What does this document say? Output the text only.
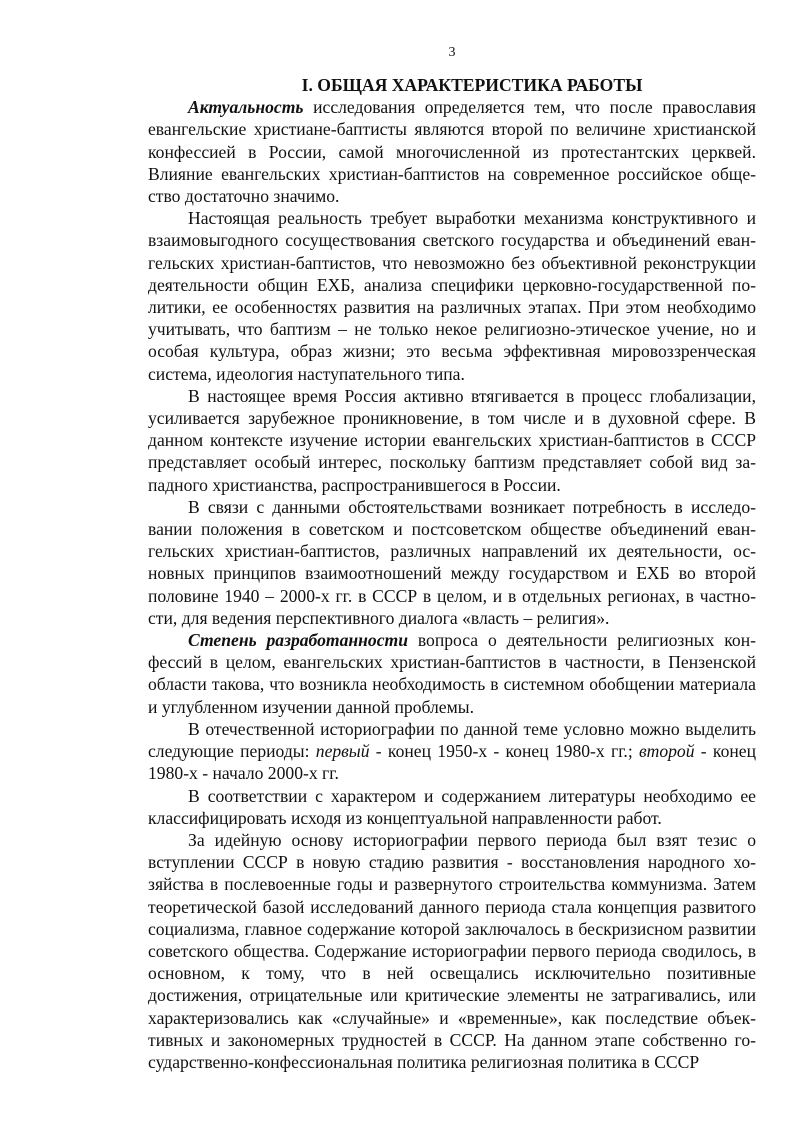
3
I. ОБЩАЯ ХАРАКТЕРИСТИКА РАБОТЫ

Актуальность исследования определяется тем, что после православия евангельские христиане-баптисты являются второй по величине христианской конфессией в России, самой многочисленной из протестантских церквей. Влияние евангельских христиан-баптистов на современное российское общество достаточно значимо.

Настоящая реальность требует выработки механизма конструктивного и взаимовыгодного сосуществования светского государства и объединений евангельских христиан-баптистов, что невозможно без объективной реконструкции деятельности общин ЕХБ, анализа специфики церковно-государственной политики, ее особенностях развития на различных этапах. При этом необходимо учитывать, что баптизм – не только некое религиозно-этическое учение, но и особая культура, образ жизни; это весьма эффективная мировоззренческая система, идеология наступательного типа.

В настоящее время Россия активно втягивается в процесс глобализации, усиливается зарубежное проникновение, в том числе и в духовной сфере. В данном контексте изучение истории евангельских христиан-баптистов в СССР представляет особый интерес, поскольку баптизм представляет собой вид западного христианства, распространившегося в России.

В связи с данными обстоятельствами возникает потребность в исследовании положения в советском и постсоветском обществе объединений евангельских христиан-баптистов, различных направлений их деятельности, основных принципов взаимоотношений между государством и ЕХБ во второй половине 1940 – 2000-х гг. в СССР в целом, и в отдельных регионах, в частности, для ведения перспективного диалога «власть – религия».

Степень разработанности вопроса о деятельности религиозных конфессий в целом, евангельских христиан-баптистов в частности, в Пензенской области такова, что возникла необходимость в системном обобщении материала и углубленном изучении данной проблемы.

В отечественной историографии по данной теме условно можно выделить следующие периоды: первый - конец 1950-х - конец 1980-х гг.; второй - конец 1980-х - начало 2000-х гг.

В соответствии с характером и содержанием литературы необходимо ее классифицировать исходя из концептуальной направленности работ.

За идейную основу историографии первого периода был взят тезис о вступлении СССР в новую стадию развития - восстановления народного хозяйства в послевоенные годы и развернутого строительства коммунизма. Затем теоретической базой исследований данного периода стала концепция развитого социализма, главное содержание которой заключалось в бескризисном развитии советского общества. Содержание историографии первого периода сводилось, в основном, к тому, что в ней освещались исключительно позитивные достижения, отрицательные или критические элементы не затрагивались, или характеризовались как «случайные» и «временные», как последствие объективных и закономерных трудностей в СССР. На данном этапе собственно государственно-конфессиональная политика религиозная политика в СССР
